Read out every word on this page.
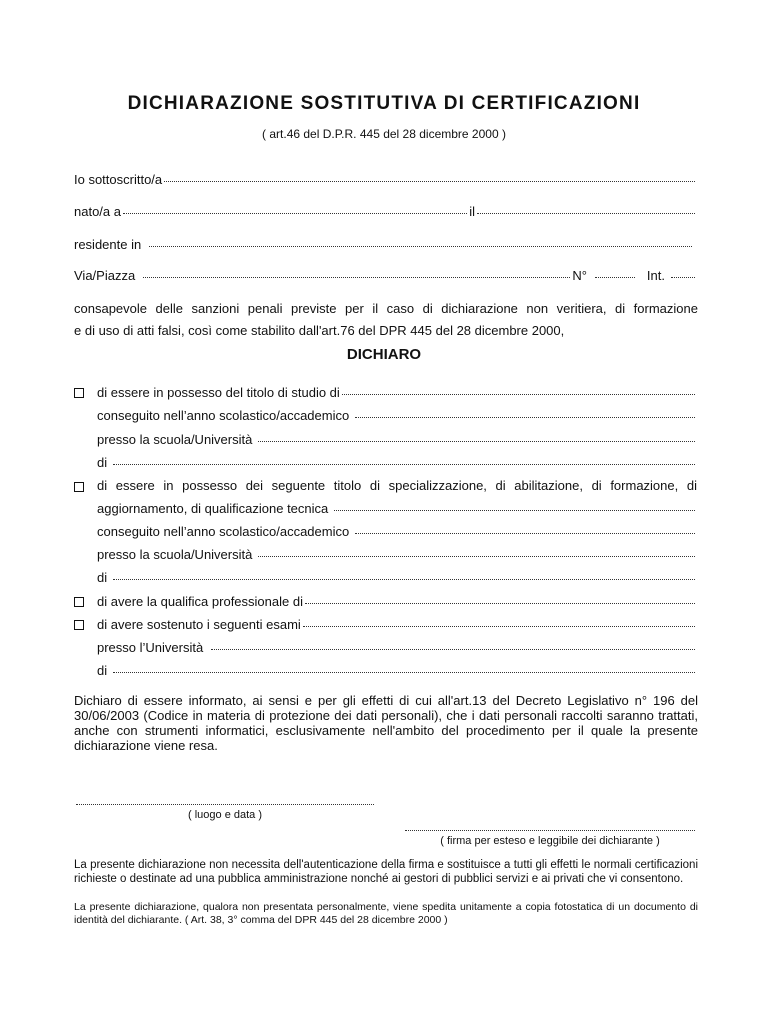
DICHIARAZIONE SOSTITUTIVA DI CERTIFICAZIONI
( art.46 del D.P.R. 445 del 28 dicembre 2000 )
Io sottoscritto/a
nato/a a	il
residente in
Via/Piazza	N°	Int.
consapevole delle sanzioni penali previste per il caso di dichiarazione non veritiera, di formazione
e di uso di atti falsi, così come stabilito dall'art.76 del DPR 445 del 28 dicembre 2000,
DICHIARO
di essere in possesso del titolo di studio di
conseguito nell’anno scolastico/accademico
presso la scuola/Università
di
di essere in possesso dei seguente titolo di specializzazione, di abilitazione, di formazione, di
aggiornamento, di qualificazione tecnica
conseguito nell’anno scolastico/accademico
presso la scuola/Università
di
di avere la qualifica professionale di
di avere sostenuto i seguenti esami
presso l’Università
di
Dichiaro di essere informato, ai sensi e per gli effetti di cui all'art.13 del Decreto Legislativo n° 196 del 30/06/2003 (Codice in materia di protezione dei dati personali), che i dati personali raccolti saranno trattati, anche con strumenti informatici, esclusivamente nell'ambito del procedimento per il quale la presente dichiarazione viene resa.
( luogo e data )
( firma per esteso e leggibile dei dichiarante )
La presente dichiarazione non necessita dell'autenticazione della firma e sostituisce a tutti gli effetti le normali certificazioni richieste o destinate ad una pubblica amministrazione nonché ai gestori di pubblici servizi e ai privati che vi consentono.
La presente dichiarazione, qualora non presentata personalmente, viene spedita unitamente a copia fotostatica di un documento di identità del dichiarante. ( Art. 38, 3° comma del DPR 445 del 28 dicembre 2000 )
